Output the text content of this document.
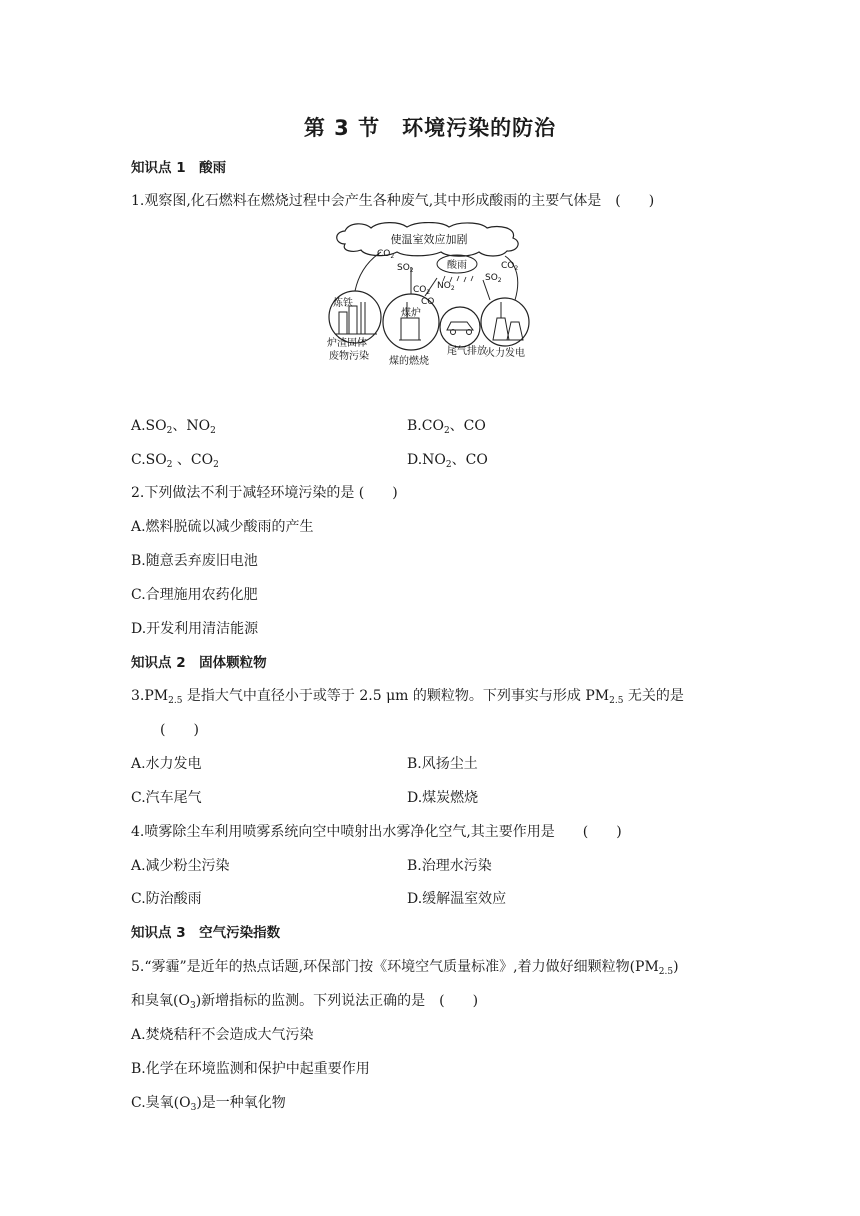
第 3 节　环境污染的防治
知识点 1　酸雨
1.观察图,化石燃料在燃烧过程中会产生各种废气,其中形成酸雨的主要气体是　(　　)
使温室效应加剧
酸雨
$CO_2$
$SO_2$
$NO_2$
$CO_2$
CO
$SO_2$
$CO_2$
炼铁
炉渣固体
废物污染
煤炉
煤的燃烧
尾气排放
火力发电
$A.SO_2$、$NO_2$	$B.CO_2$、CO
$C.SO_2$ 、$CO_2$	$D.NO_2$、CO
2.下列做法不利于减轻环境污染的是 (　　)
A.燃料脱硫以减少酸雨的产生
B.随意丢弃废旧电池
C.合理施用农药化肥
D.开发利用清洁能源
知识点 2　固体颗粒物
$3.PM_{2.5}$ 是指大气中直径小于或等于 2.5 μm 的颗粒物。下列事实与形成 $PM_{2.5}$ 无关的是
(　　)
A.水力发电	B.风扬尘土
C.汽车尾气	D.煤炭燃烧
4.喷雾除尘车利用喷雾系统向空中喷射出水雾净化空气,其主要作用是　　(　　)
A.减少粉尘污染	B.治理水污染
C.防治酸雨	D.缓解温室效应
知识点 3　空气污染指数
5.“雾霾”是近年的热点话题,环保部门按《环境空气质量标准》,着力做好细颗粒物$(PM_{2.5})$
和臭氧$(O_3)$新增指标的监测。下列说法正确的是　(　　)
A.焚烧秸秆不会造成大气污染
B.化学在环境监测和保护中起重要作用
C.臭氧$(O_3)$是一种氧化物
